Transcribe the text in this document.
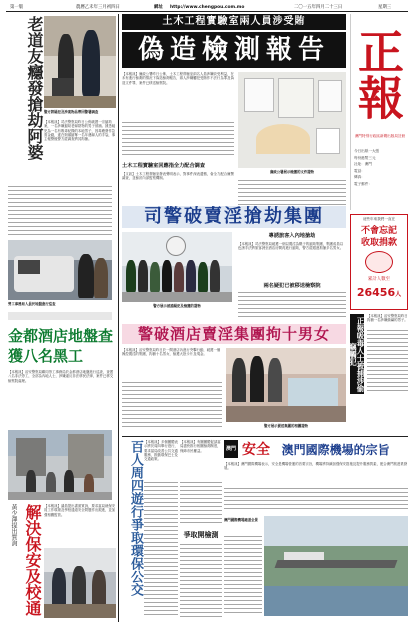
第一版	農曆乙未年三月初四日	網址 http://www.chengpou.com.mo	二〇一五年四月二十三日	星期三
正報
澳門特別行政區新聞出版局註冊
今日出紙一大張
每份港幣三元
社址：澳門
電話：
傳真：
電子郵件：
老道友癮發搶劫阿婆 警方將疑犯及涉案物品帶回警署調查
【本報訊】司法警察局昨日公佈破獲一宗搶劫案，一名涉嫌搶劫老婦財物的男子被捕。據悉疑犯為一名有吸毒紀錄的本地男子，因毒癮發作急需金錢，遂在街頭搶奪一名年邁婦人的手袋，事主報警後警方經調查將其拘捕。
勞工事務局人員於地盤進行巡查
金都酒店地盤查獲八名黑工
【本報訊】治安警察局聯同勞工事務局於金都酒店地盤進行巡查，查獲八名非法勞工，全部為內地人士，涉嫌違反非法移民法律，案件已移交檢察院處理。
黃少澤提出質詢 解決保安及校通 【本報訊】議員提出書面質詢，要求當局就保安員工作環境及學校通道安全問題作出跟進，並加強相關監管。
土木工程實驗室兩人員涉受賄
偽造檢測報告
【本報訊】廉政公署昨日公佈，土木工程實驗室兩名人員涉嫌收受利益，在未有進行檢測的情況下偽造檢測報告，兩人涉嫌觸犯受賄作不法行為罪及偽造文件罪，案件已移送檢察院。
廉政公署展示檢獲的文件證物
土木工程實驗室回應指全力配合調查
【又訊】土木工程實驗室發表聲明表示，對事件深表遺憾，會全力配合廉署調查，並檢討內部監察機制。
司警破賣淫搶劫集團
警方展示被捕疑犯及檢獲的證物
專誘旅客入內地搶劫
【本報訊】司法警察局破獲一個以賣淫為幌子的搶劫集團，集團成員以色誘手法將旅客誘至酒店房間再進行搶劫，警方經跟進拘捕多名男女。
兩名疑犯已被移送檢察院
這些年來我們一直在
不會忘記
收取捐款
累計人數至
26456人
正報吸毒人士被捕涉偷竊觸犯
【本報訊】治安警察局昨日拘捕一名涉嫌偷竊的男子。
警破酒店賣淫集團拘十男女
【本報訊】治安警察局昨日於一間酒店內進行突擊行動，破獲一個操控賣淫的集團，拘捕十名男女，檢獲大批卡片及現金。
警方展示賣淫集團的相關證物
百人周四遊行爭取環保公交 【本報訊】多個團體表示將於周四舉行遊行，要求當局改善公共交通服務，推動環保巴士及交通政策。
【本報訊】有關團體促請當局盡快推行相關檢測制度，保障市民權益。
爭取開檢測
澳門 安全 澳門國際機場的宗旨
【本報訊】澳門國際機場表示，安全是機場營運的首要宗旨，機場將持續加強保安措施及提升服務質素，配合澳門旅遊業發展。
澳門國際機場跑道全景
